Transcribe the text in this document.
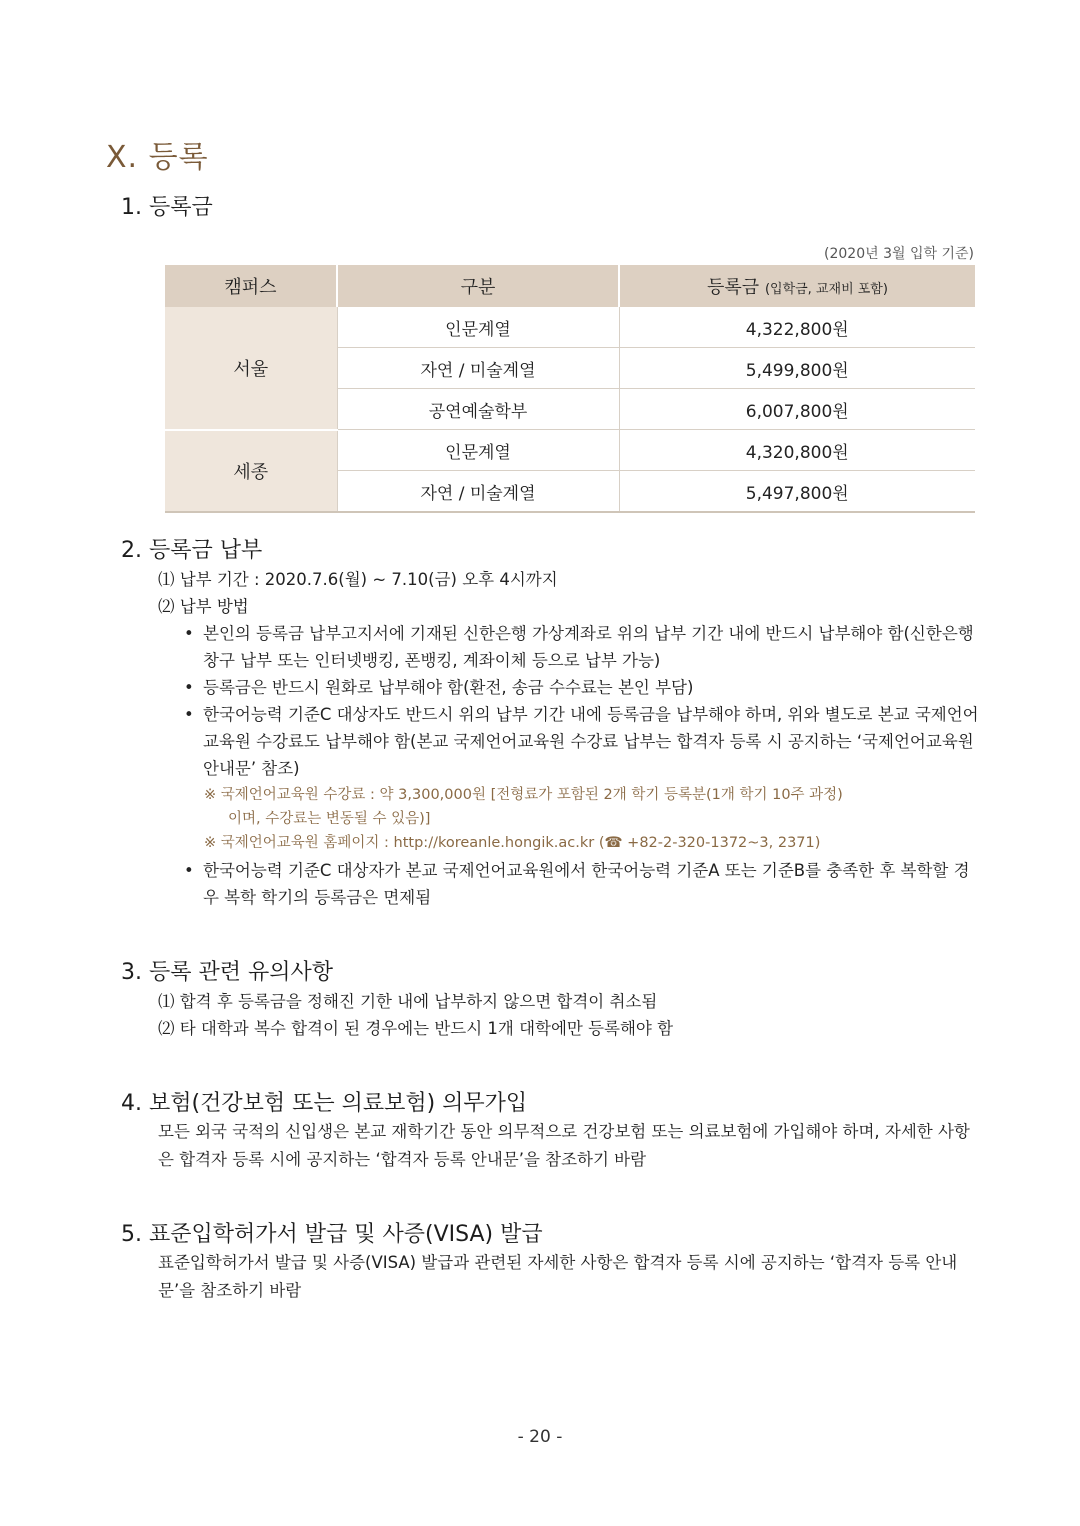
X. 등록
1. 등록금
(2020년 3월 입학 기준)
캠퍼스	구분	등록금 (입학금, 교재비 포함)
서울	인문계열	4,322,800원
	자연 / 미술계열	5,499,800원
	공연예술학부	6,007,800원
세종	인문계열	4,320,800원
	자연 / 미술계열	5,497,800원
2. 등록금 납부
⑴ 납부 기간 : 2020.7.6(월) ~ 7.10(금) 오후 4시까지
⑵ 납부 방법
• 본인의 등록금 납부고지서에 기재된 신한은행 가상계좌로 위의 납부 기간 내에 반드시 납부해야 함(신한은행 창구 납부 또는 인터넷뱅킹, 폰뱅킹, 계좌이체 등으로 납부 가능)
• 등록금은 반드시 원화로 납부해야 함(환전, 송금 수수료는 본인 부담)
• 한국어능력 기준C 대상자도 반드시 위의 납부 기간 내에 등록금을 납부해야 하며, 위와 별도로 본교 국제언어교육원 수강료도 납부해야 함(본교 국제언어교육원 수강료 납부는 합격자 등록 시 공지하는 ‘국제언어교육원 안내문’ 참조)
※ 국제언어교육원 수강료 : 약 3,300,000원 [전형료가 포함된 2개 학기 등록분(1개 학기 10주 과정)
이며, 수강료는 변동될 수 있음)]
※ 국제언어교육원 홈페이지 : http://koreanle.hongik.ac.kr (☎ +82-2-320-1372~3, 2371)
• 한국어능력 기준C 대상자가 본교 국제언어교육원에서 한국어능력 기준A 또는 기준B를 충족한 후 복학할 경우 복학 학기의 등록금은 면제됨
3. 등록 관련 유의사항
⑴ 합격 후 등록금을 정해진 기한 내에 납부하지 않으면 합격이 취소됨
⑵ 타 대학과 복수 합격이 된 경우에는 반드시 1개 대학에만 등록해야 함
4. 보험(건강보험 또는 의료보험) 의무가입
모든 외국 국적의 신입생은 본교 재학기간 동안 의무적으로 건강보험 또는 의료보험에 가입해야 하며, 자세한 사항은 합격자 등록 시에 공지하는 ‘합격자 등록 안내문’을 참조하기 바람
5. 표준입학허가서 발급 및 사증(VISA) 발급
표준입학허가서 발급 및 사증(VISA) 발급과 관련된 자세한 사항은 합격자 등록 시에 공지하는 ‘합격자 등록 안내문’을 참조하기 바람
- 20 -
